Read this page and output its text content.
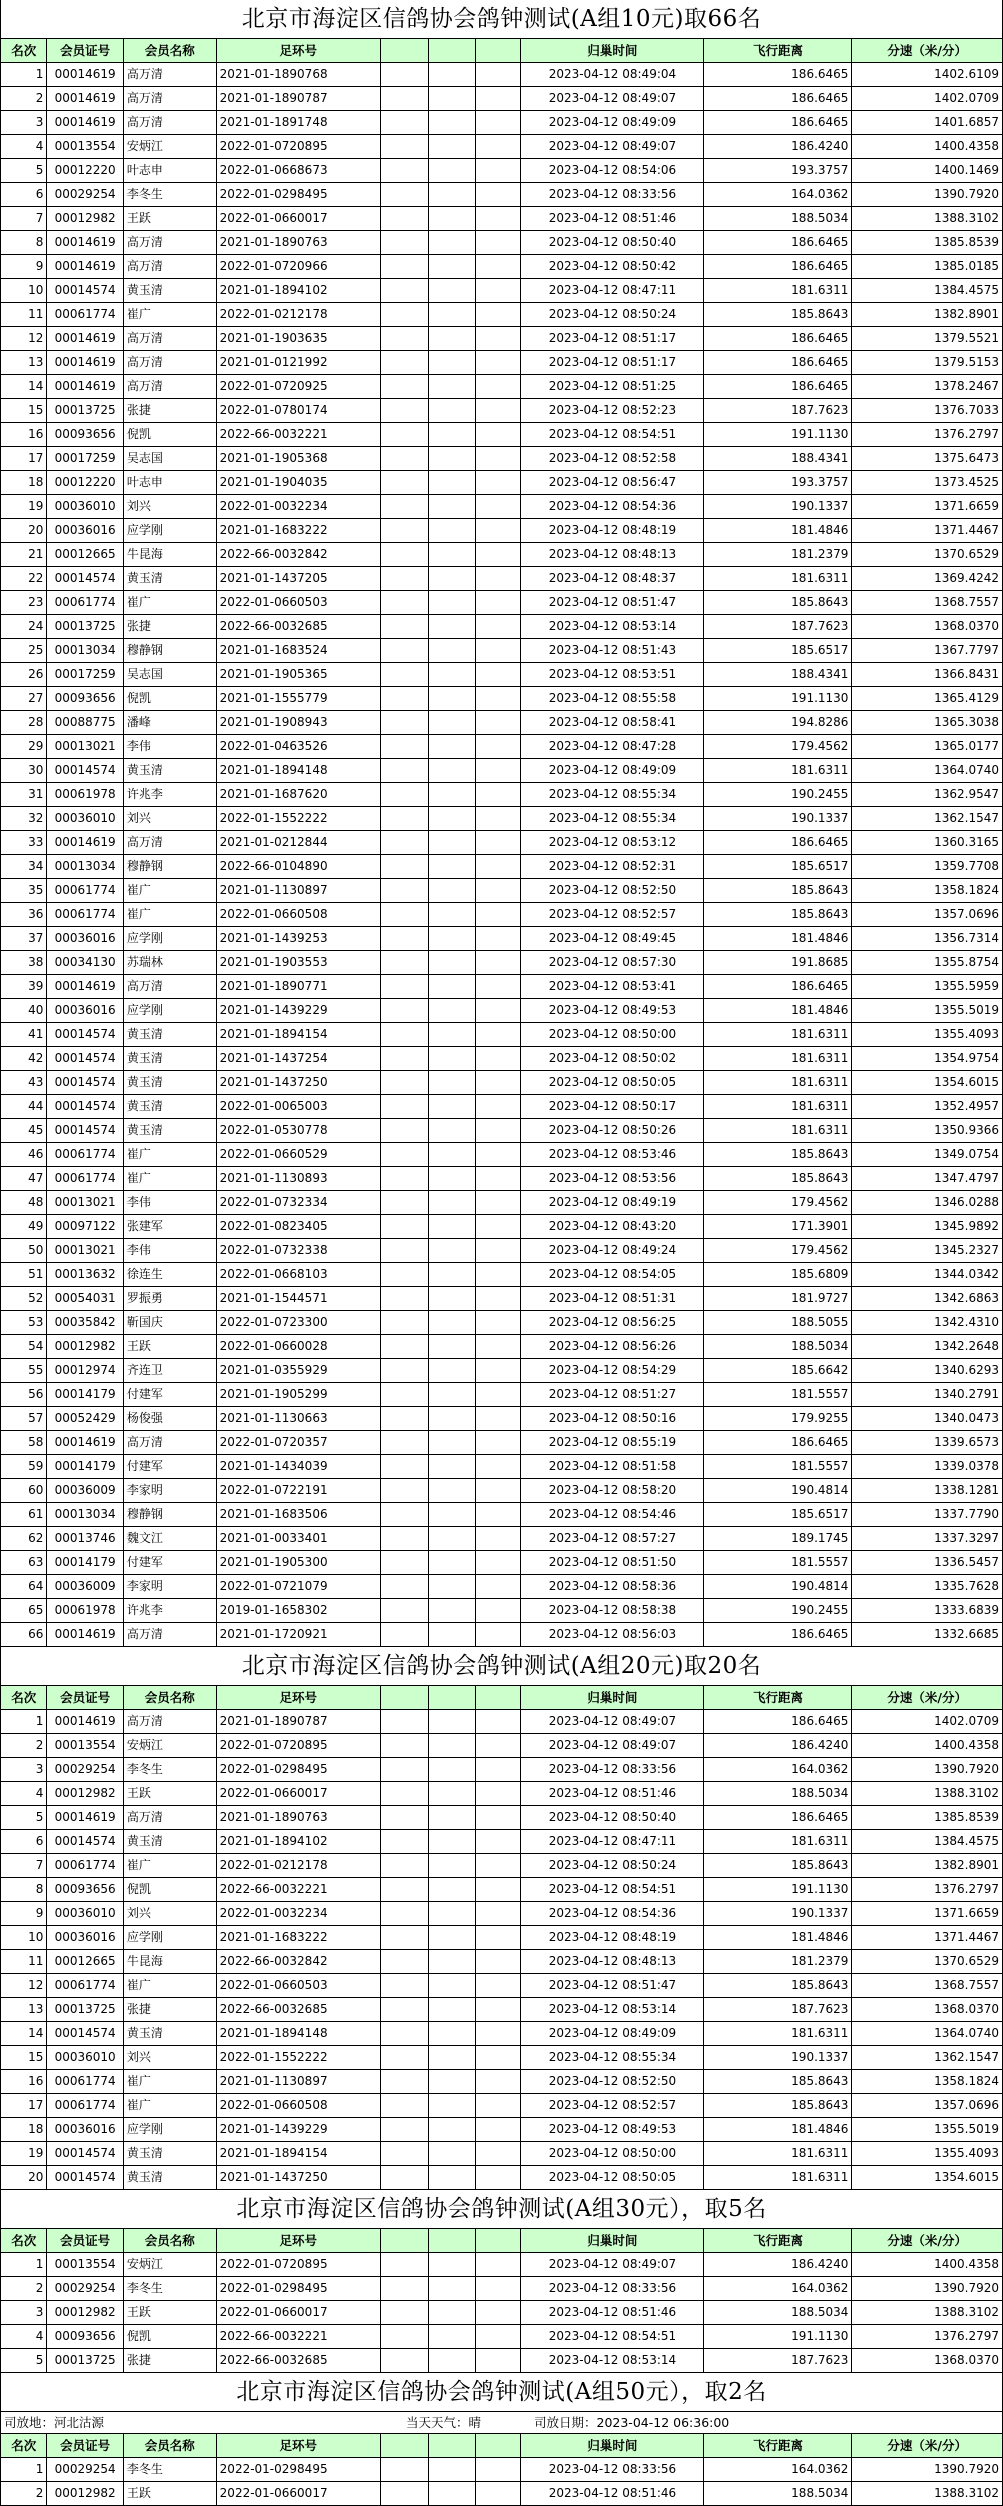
北京市海淀区信鸽协会鸽钟测试(A组10元)取66名
名次	会员证号	会员名称	足环号				归巢时间	飞行距离	分速（米/分）
1	00014619	高万清	2021-01-1890768				2023-04-12 08:49:04	186.6465	1402.6109
2	00014619	高万清	2021-01-1890787				2023-04-12 08:49:07	186.6465	1402.0709
3	00014619	高万清	2021-01-1891748				2023-04-12 08:49:09	186.6465	1401.6857
4	00013554	安炳江	2022-01-0720895				2023-04-12 08:49:07	186.4240	1400.4358
5	00012220	叶志申	2022-01-0668673				2023-04-12 08:54:06	193.3757	1400.1469
6	00029254	李冬生	2022-01-0298495				2023-04-12 08:33:56	164.0362	1390.7920
7	00012982	王跃	2022-01-0660017				2023-04-12 08:51:46	188.5034	1388.3102
8	00014619	高万清	2021-01-1890763				2023-04-12 08:50:40	186.6465	1385.8539
9	00014619	高万清	2022-01-0720966				2023-04-12 08:50:42	186.6465	1385.0185
10	00014574	黄玉清	2021-01-1894102				2023-04-12 08:47:11	181.6311	1384.4575
11	00061774	崔广	2022-01-0212178				2023-04-12 08:50:24	185.8643	1382.8901
12	00014619	高万清	2021-01-1903635				2023-04-12 08:51:17	186.6465	1379.5521
13	00014619	高万清	2021-01-0121992				2023-04-12 08:51:17	186.6465	1379.5153
14	00014619	高万清	2022-01-0720925				2023-04-12 08:51:25	186.6465	1378.2467
15	00013725	张捷	2022-01-0780174				2023-04-12 08:52:23	187.7623	1376.7033
16	00093656	倪凯	2022-66-0032221				2023-04-12 08:54:51	191.1130	1376.2797
17	00017259	吴志国	2021-01-1905368				2023-04-12 08:52:58	188.4341	1375.6473
18	00012220	叶志申	2021-01-1904035				2023-04-12 08:56:47	193.3757	1373.4525
19	00036010	刘兴	2022-01-0032234				2023-04-12 08:54:36	190.1337	1371.6659
20	00036016	应学刚	2021-01-1683222				2023-04-12 08:48:19	181.4846	1371.4467
21	00012665	牛昆海	2022-66-0032842				2023-04-12 08:48:13	181.2379	1370.6529
22	00014574	黄玉清	2021-01-1437205				2023-04-12 08:48:37	181.6311	1369.4242
23	00061774	崔广	2022-01-0660503				2023-04-12 08:51:47	185.8643	1368.7557
24	00013725	张捷	2022-66-0032685				2023-04-12 08:53:14	187.7623	1368.0370
25	00013034	穆静钢	2021-01-1683524				2023-04-12 08:51:43	185.6517	1367.7797
26	00017259	吴志国	2021-01-1905365				2023-04-12 08:53:51	188.4341	1366.8431
27	00093656	倪凯	2021-01-1555779				2023-04-12 08:55:58	191.1130	1365.4129
28	00088775	潘峰	2021-01-1908943				2023-04-12 08:58:41	194.8286	1365.3038
29	00013021	李伟	2022-01-0463526				2023-04-12 08:47:28	179.4562	1365.0177
30	00014574	黄玉清	2021-01-1894148				2023-04-12 08:49:09	181.6311	1364.0740
31	00061978	许兆李	2021-01-1687620				2023-04-12 08:55:34	190.2455	1362.9547
32	00036010	刘兴	2022-01-1552222				2023-04-12 08:55:34	190.1337	1362.1547
33	00014619	高万清	2021-01-0212844				2023-04-12 08:53:12	186.6465	1360.3165
34	00013034	穆静钢	2022-66-0104890				2023-04-12 08:52:31	185.6517	1359.7708
35	00061774	崔广	2021-01-1130897				2023-04-12 08:52:50	185.8643	1358.1824
36	00061774	崔广	2022-01-0660508				2023-04-12 08:52:57	185.8643	1357.0696
37	00036016	应学刚	2021-01-1439253				2023-04-12 08:49:45	181.4846	1356.7314
38	00034130	苏瑞林	2021-01-1903553				2023-04-12 08:57:30	191.8685	1355.8754
39	00014619	高万清	2021-01-1890771				2023-04-12 08:53:41	186.6465	1355.5959
40	00036016	应学刚	2021-01-1439229				2023-04-12 08:49:53	181.4846	1355.5019
41	00014574	黄玉清	2021-01-1894154				2023-04-12 08:50:00	181.6311	1355.4093
42	00014574	黄玉清	2021-01-1437254				2023-04-12 08:50:02	181.6311	1354.9754
43	00014574	黄玉清	2021-01-1437250				2023-04-12 08:50:05	181.6311	1354.6015
44	00014574	黄玉清	2022-01-0065003				2023-04-12 08:50:17	181.6311	1352.4957
45	00014574	黄玉清	2022-01-0530778				2023-04-12 08:50:26	181.6311	1350.9366
46	00061774	崔广	2022-01-0660529				2023-04-12 08:53:46	185.8643	1349.0754
47	00061774	崔广	2021-01-1130893				2023-04-12 08:53:56	185.8643	1347.4797
48	00013021	李伟	2022-01-0732334				2023-04-12 08:49:19	179.4562	1346.0288
49	00097122	张建军	2022-01-0823405				2023-04-12 08:43:20	171.3901	1345.9892
50	00013021	李伟	2022-01-0732338				2023-04-12 08:49:24	179.4562	1345.2327
51	00013632	徐连生	2022-01-0668103				2023-04-12 08:54:05	185.6809	1344.0342
52	00054031	罗振勇	2021-01-1544571				2023-04-12 08:51:31	181.9727	1342.6863
53	00035842	靳国庆	2022-01-0723300				2023-04-12 08:56:25	188.5055	1342.4310
54	00012982	王跃	2022-01-0660028				2023-04-12 08:56:26	188.5034	1342.2648
55	00012974	齐连卫	2021-01-0355929				2023-04-12 08:54:29	185.6642	1340.6293
56	00014179	付建军	2021-01-1905299				2023-04-12 08:51:27	181.5557	1340.2791
57	00052429	杨俊强	2021-01-1130663				2023-04-12 08:50:16	179.9255	1340.0473
58	00014619	高万清	2022-01-0720357				2023-04-12 08:55:19	186.6465	1339.6573
59	00014179	付建军	2021-01-1434039				2023-04-12 08:51:58	181.5557	1339.0378
60	00036009	李家明	2022-01-0722191				2023-04-12 08:58:20	190.4814	1338.1281
61	00013034	穆静钢	2021-01-1683506				2023-04-12 08:54:46	185.6517	1337.7790
62	00013746	魏文江	2021-01-0033401				2023-04-12 08:57:27	189.1745	1337.3297
63	00014179	付建军	2021-01-1905300				2023-04-12 08:51:50	181.5557	1336.5457
64	00036009	李家明	2022-01-0721079				2023-04-12 08:58:36	190.4814	1335.7628
65	00061978	许兆李	2019-01-1658302				2023-04-12 08:58:38	190.2455	1333.6839
66	00014619	高万清	2021-01-1720921				2023-04-12 08:56:03	186.6465	1332.6685
北京市海淀区信鸽协会鸽钟测试(A组20元)取20名
名次	会员证号	会员名称	足环号				归巢时间	飞行距离	分速（米/分）
1	00014619	高万清	2021-01-1890787				2023-04-12 08:49:07	186.6465	1402.0709
2	00013554	安炳江	2022-01-0720895				2023-04-12 08:49:07	186.4240	1400.4358
3	00029254	李冬生	2022-01-0298495				2023-04-12 08:33:56	164.0362	1390.7920
4	00012982	王跃	2022-01-0660017				2023-04-12 08:51:46	188.5034	1388.3102
5	00014619	高万清	2021-01-1890763				2023-04-12 08:50:40	186.6465	1385.8539
6	00014574	黄玉清	2021-01-1894102				2023-04-12 08:47:11	181.6311	1384.4575
7	00061774	崔广	2022-01-0212178				2023-04-12 08:50:24	185.8643	1382.8901
8	00093656	倪凯	2022-66-0032221				2023-04-12 08:54:51	191.1130	1376.2797
9	00036010	刘兴	2022-01-0032234				2023-04-12 08:54:36	190.1337	1371.6659
10	00036016	应学刚	2021-01-1683222				2023-04-12 08:48:19	181.4846	1371.4467
11	00012665	牛昆海	2022-66-0032842				2023-04-12 08:48:13	181.2379	1370.6529
12	00061774	崔广	2022-01-0660503				2023-04-12 08:51:47	185.8643	1368.7557
13	00013725	张捷	2022-66-0032685				2023-04-12 08:53:14	187.7623	1368.0370
14	00014574	黄玉清	2021-01-1894148				2023-04-12 08:49:09	181.6311	1364.0740
15	00036010	刘兴	2022-01-1552222				2023-04-12 08:55:34	190.1337	1362.1547
16	00061774	崔广	2021-01-1130897				2023-04-12 08:52:50	185.8643	1358.1824
17	00061774	崔广	2022-01-0660508				2023-04-12 08:52:57	185.8643	1357.0696
18	00036016	应学刚	2021-01-1439229				2023-04-12 08:49:53	181.4846	1355.5019
19	00014574	黄玉清	2021-01-1894154				2023-04-12 08:50:00	181.6311	1355.4093
20	00014574	黄玉清	2021-01-1437250				2023-04-12 08:50:05	181.6311	1354.6015
北京市海淀区信鸽协会鸽钟测试(A组30元），取5名
名次	会员证号	会员名称	足环号				归巢时间	飞行距离	分速（米/分）
1	00013554	安炳江	2022-01-0720895				2023-04-12 08:49:07	186.4240	1400.4358
2	00029254	李冬生	2022-01-0298495				2023-04-12 08:33:56	164.0362	1390.7920
3	00012982	王跃	2022-01-0660017				2023-04-12 08:51:46	188.5034	1388.3102
4	00093656	倪凯	2022-66-0032221				2023-04-12 08:54:51	191.1130	1376.2797
5	00013725	张捷	2022-66-0032685				2023-04-12 08:53:14	187.7623	1368.0370
北京市海淀区信鸽协会鸽钟测试(A组50元），取2名
司放地：河北沽源	当天天气：晴	司放日期：2023-04-12 06:36:00
名次	会员证号	会员名称	足环号				归巢时间	飞行距离	分速（米/分）
1	00029254	李冬生	2022-01-0298495				2023-04-12 08:33:56	164.0362	1390.7920
2	00012982	王跃	2022-01-0660017				2023-04-12 08:51:46	188.5034	1388.3102
